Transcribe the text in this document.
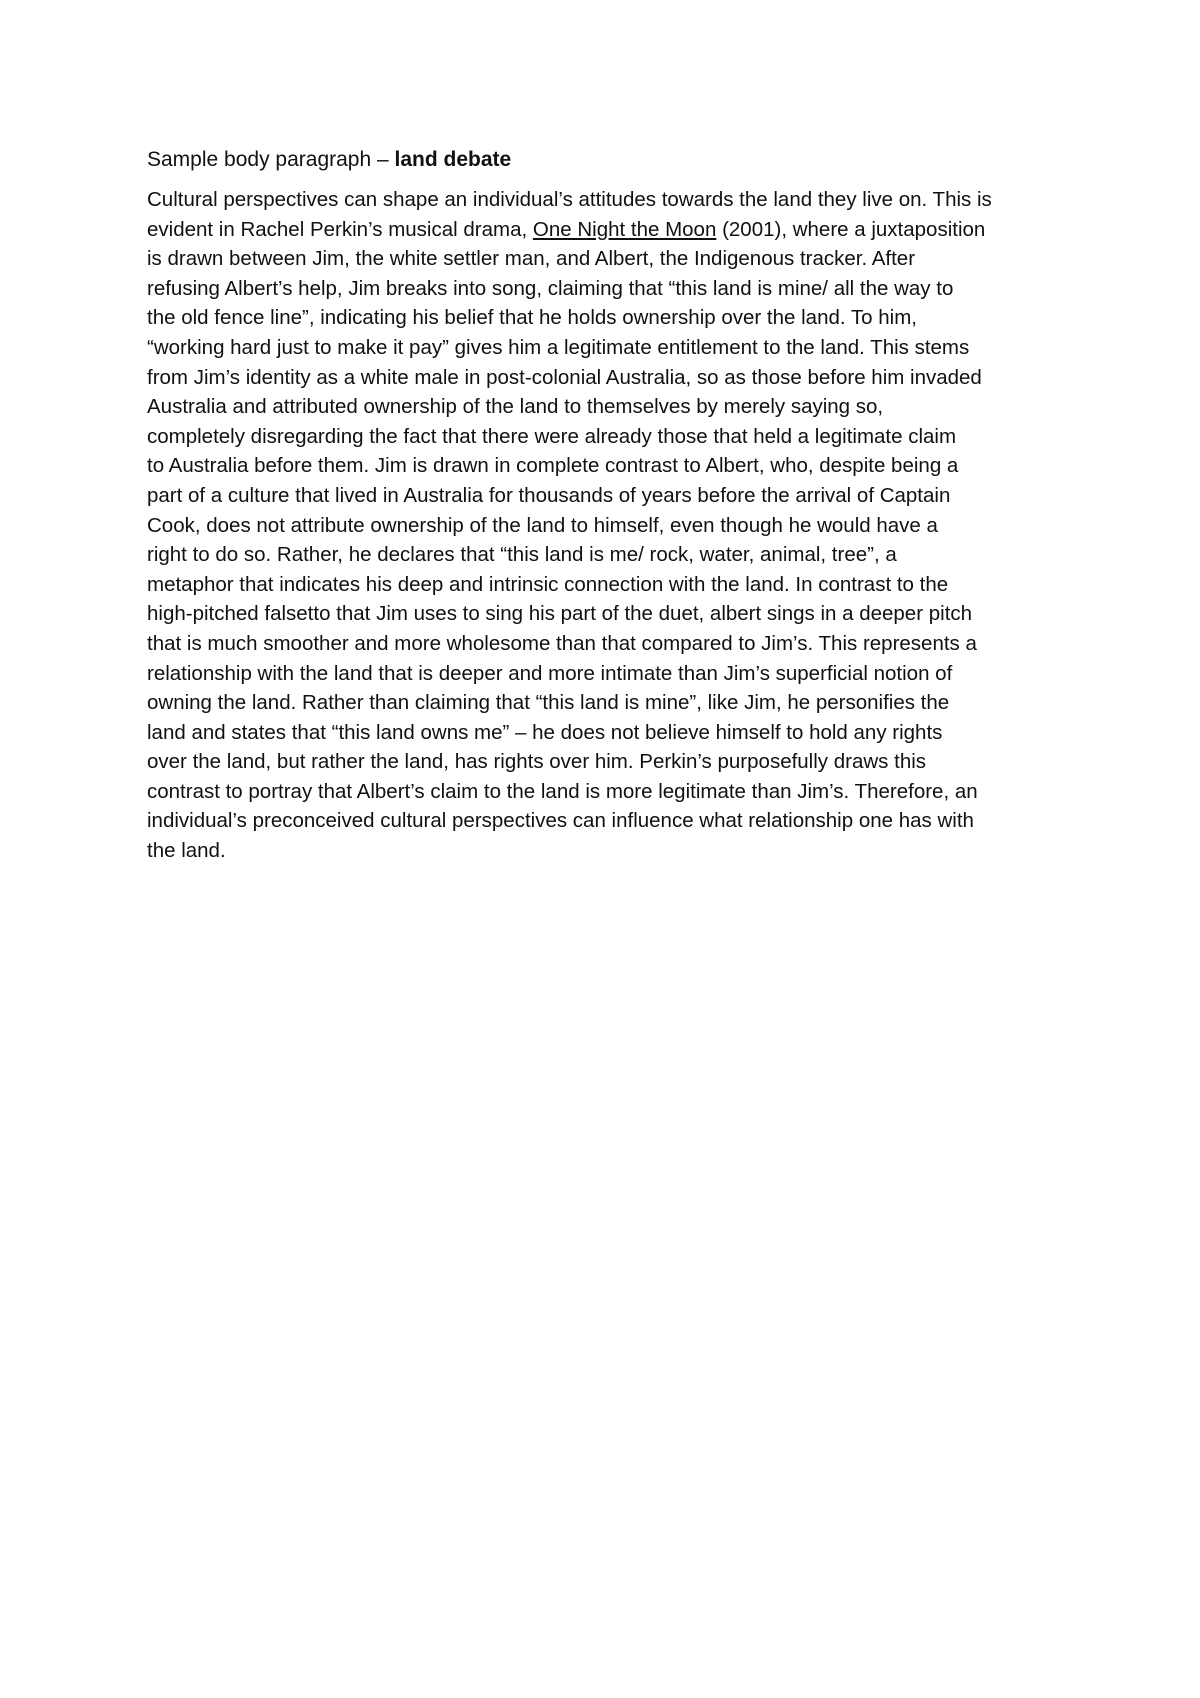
Sample body paragraph – land debate
Cultural perspectives can shape an individual’s attitudes towards the land they live on. This is
evident in Rachel Perkin’s musical drama, One Night the Moon (2001), where a juxtaposition
is drawn between Jim, the white settler man, and Albert, the Indigenous tracker. After
refusing Albert’s help, Jim breaks into song, claiming that “this land is mine/ all the way to
the old fence line”, indicating his belief that he holds ownership over the land. To him,
“working hard just to make it pay” gives him a legitimate entitlement to the land. This stems
from Jim’s identity as a white male in post-colonial Australia, so as those before him invaded
Australia and attributed ownership of the land to themselves by merely saying so,
completely disregarding the fact that there were already those that held a legitimate claim
to Australia before them. Jim is drawn in complete contrast to Albert, who, despite being a
part of a culture that lived in Australia for thousands of years before the arrival of Captain
Cook, does not attribute ownership of the land to himself, even though he would have a
right to do so. Rather, he declares that “this land is me/ rock, water, animal, tree”, a
metaphor that indicates his deep and intrinsic connection with the land. In contrast to the
high-pitched falsetto that Jim uses to sing his part of the duet, albert sings in a deeper pitch
that is much smoother and more wholesome than that compared to Jim’s. This represents a
relationship with the land that is deeper and more intimate than Jim’s superficial notion of
owning the land. Rather than claiming that “this land is mine”, like Jim, he personifies the
land and states that “this land owns me” – he does not believe himself to hold any rights
over the land, but rather the land, has rights over him. Perkin’s purposefully draws this
contrast to portray that Albert’s claim to the land is more legitimate than Jim’s. Therefore, an
individual’s preconceived cultural perspectives can influence what relationship one has with
the land.
